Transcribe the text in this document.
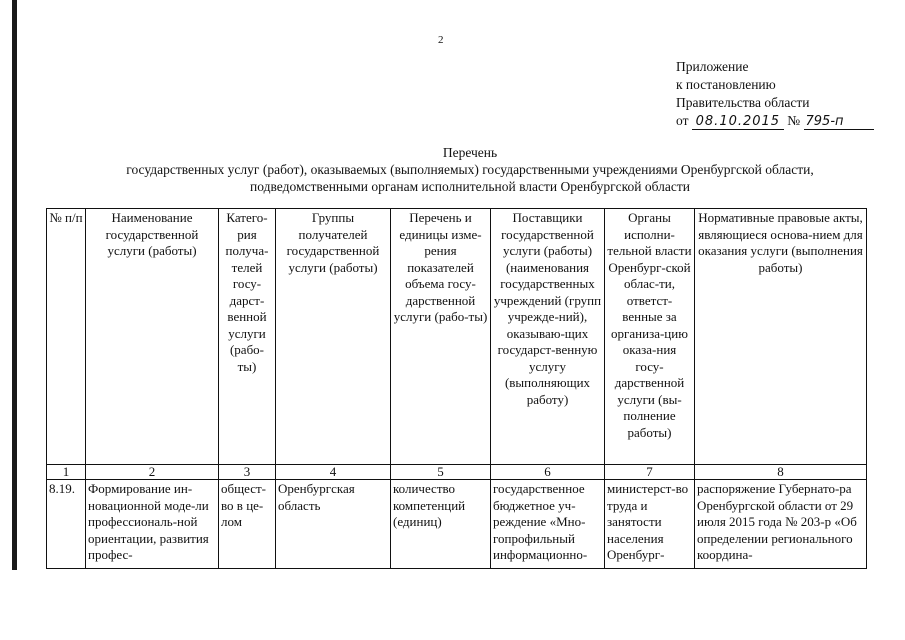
2
Приложение
к постановлению
Правительства области
от 08.10.2015 № 795-п
Перечень
государственных услуг (работ), оказываемых (выполняемых) государственными учреждениями Оренбургской области,
подведомственными органам исполнительной власти Оренбургской области
№ п/п	Наименование государственной услуги (работы)	Катего-рия получа-телей госу-дарст-венной услуги (рабо-ты)	Группы получателей государственной услуги (работы)	Перечень и единицы изме-рения показателей объема госу-дарственной услуги (рабо-ты)	Поставщики государственной услуги (работы) (наименования государственных учреждений (групп учрежде-ний), оказываю-щих государст-венную услугу (выполняющих работу)	Органы исполни-тельной власти Оренбург-ской облас-ти, ответст-венные за организа-цию оказа-ния госу-дарственной услуги (вы-полнение работы)	Нормативные правовые акты, являющиеся основа-нием для оказания услуги (выполнения работы)
1	2	3	4	5	6	7	8
8.19.	Формирование ин-новационной моде-ли профессиональ-ной ориентации, развития профес-	общест-во в це-лом	Оренбургская область	количество компетенций (единиц)	государственное бюджетное уч-реждение «Мно-гопрофильный информационно-	министерст-во труда и занятости населения Оренбург-	распоряжение Губернато-ра Оренбургской области от 29 июля 2015 года № 203-р «Об определении регионального координа-
